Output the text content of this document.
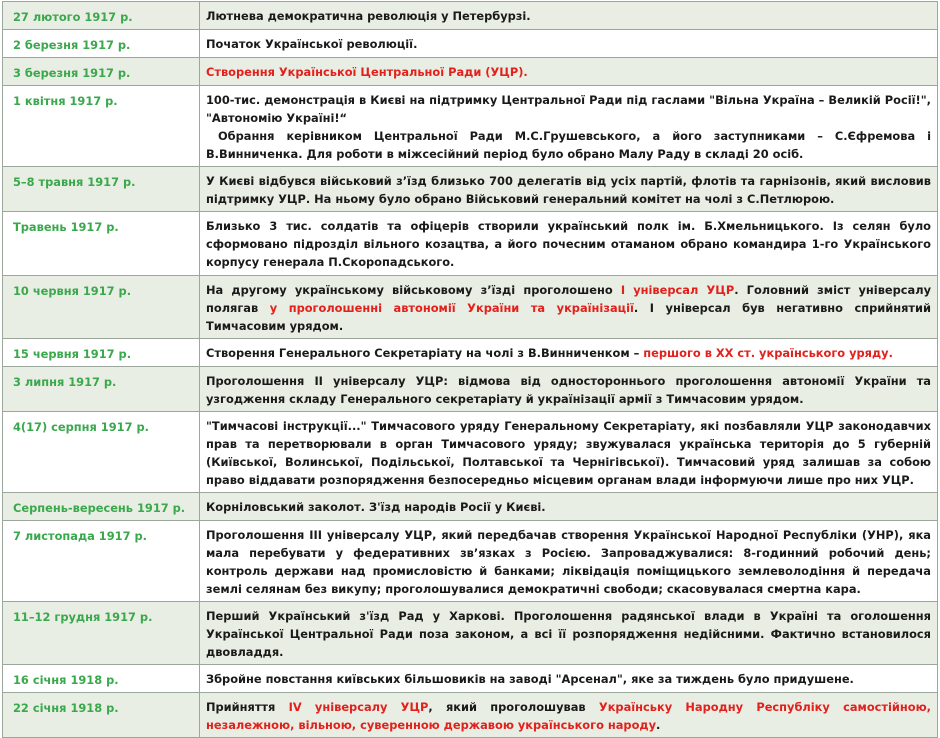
27 лютого 1917 р.	Лютнева демократична революція у Петербурзі.
2 березня 1917 р.	Початок Української революції.
3 березня 1917 р.	Створення Української Центральної Ради (УЦР).
1 квітня 1917 р.	100-тис. демонстрація в Києві на підтримку Центральної Ради під гаслами "Вільна Україна – Великій Росії!", "Автономію Україні!“
Обрання керівником Центральної Ради М.С.Грушевського, а його заступниками – С.Єфремова і В.Винниченка. Для роботи в міжсесійний період було обрано Малу Раду в складі 20 осіб.
5–8 травня 1917 р.	У Києві відбувся військовий з’їзд близько 700 делегатів від усіх партій, флотів та гарнізонів, який висловив підтримку УЦР. На ньому було обрано Військовий генеральний комітет на чолі з С.Петлюрою.
Травень 1917 р.	Близько 3 тис. солдатів та офіцерів створили український полк ім. Б.Хмельницького. Із селян було сформовано підрозділ вільного козацтва, а його почесним отаманом обрано командира 1-го Українського корпусу генерала П.Скоропадського.
10 червня 1917 р.	На другому українському військовому з’їзді проголошено І універсал УЦР. Головний зміст універсалу полягав у проголошенні автономії України та українізації. І універсал був негативно сприйнятий Тимчасовим урядом.
15 червня 1917 р.	Створення Генерального Секретаріату на чолі з В.Винниченком – першого в XX ст. українського уряду.
3 липня 1917 р.	Проголошення ІІ універсалу УЦР: відмова від одностороннього проголошення автономії України та узгодження складу Генерального секретаріату й українізації армії з Тимчасовим урядом.
4(17) серпня 1917 р.	"Тимчасові інструкції..." Тимчасового уряду Генеральному Секретаріату, які позбавляли УЦР законодавчих прав та перетворювали в орган Тимчасового уряду; звужувалася українська територія до 5 губерній (Київської, Волинської, Подільської, Полтавської та Чернігівської). Тимчасовий уряд залишав за собою право віддавати розпорядження безпосередньо місцевим органам влади інформуючи лише про них УЦР.
Серпень-вересень 1917 р.	Корніловський заколот. З'їзд народів Росії у Києві.
7 листопада 1917 р.	Проголошення ІІІ універсалу УЦР, який передбачав створення Української Народної Республіки (УНР), яка мала перебувати у федеративних зв’язках з Росією. Запроваджувалися: 8-годинний робочий день; контроль держави над промисловістю й банками; ліквідація поміщицького землеволодіння й передача землі селянам без викупу; проголошувалися демократичні свободи; скасовувалася смертна кара.
11–12 грудня 1917 р.	Перший Український з'їзд Рад у Харкові. Проголошення радянської влади в Україні та оголошення Української Центральної Ради поза законом, а всі її розпорядження недійсними. Фактично встановилося двовладдя.
16 січня 1918 р.	Збройне повстання київських більшовиків на заводі "Арсенал", яке за тиждень було придушене.
22 січня 1918 р.	Прийняття IV універсалу УЦР, який проголошував Українську Народну Республіку самостійною, незалежною, вільною, суверенною державою українського народу.
